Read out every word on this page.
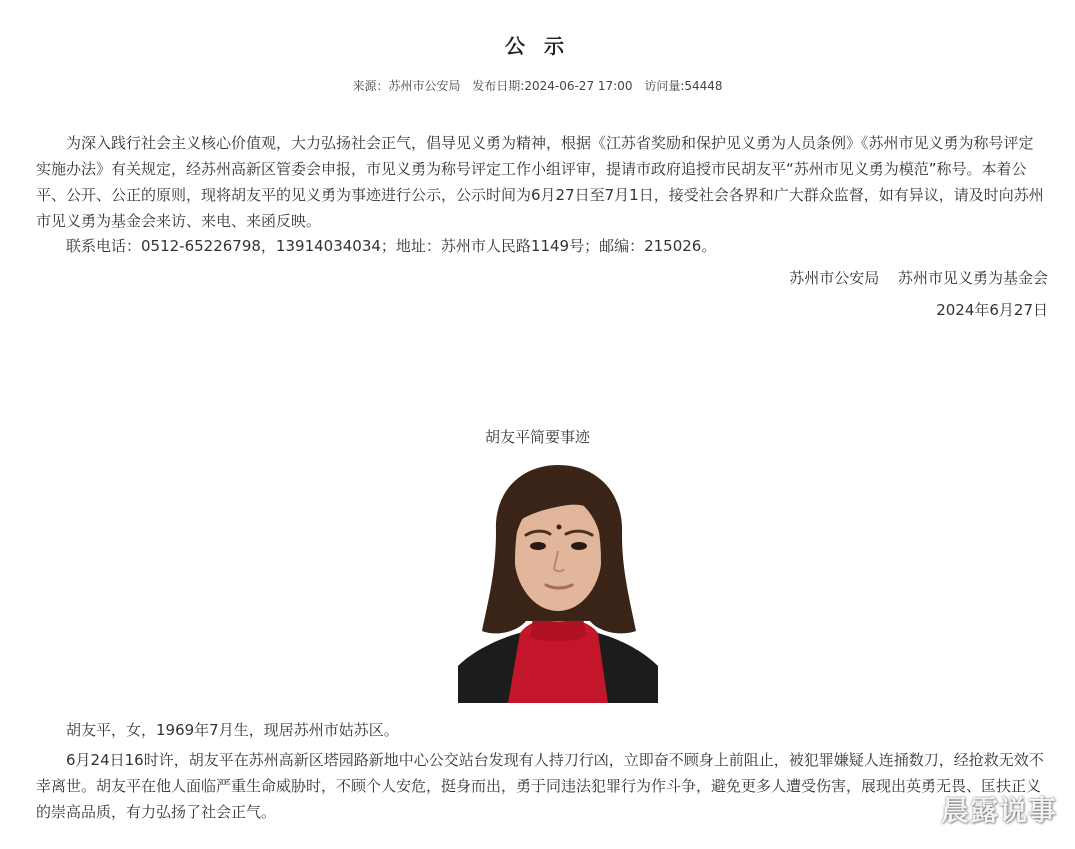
公 示
来源：苏州市公安局 发布日期:2024-06-27 17:00 访问量:54448

为深入践行社会主义核心价值观，大力弘扬社会正气，倡导见义勇为精神，根据《江苏省奖励和保护见义勇为人员条例》《苏州市见义勇为称号评定实施办法》有关规定，经苏州高新区管委会申报，市见义勇为称号评定工作小组评审，提请市政府追授市民胡友平“苏州市见义勇为模范”称号。本着公平、公开、公正的原则，现将胡友平的见义勇为事迹进行公示，公示时间为6月27日至7月1日，接受社会各界和广大群众监督，如有异议，请及时向苏州市见义勇为基金会来访、来电、来函反映。

联系电话：0512-65226798，13914034034；地址：苏州市人民路1149号；邮编：215026。

苏州市公安局 苏州市见义勇为基金会
2024年6月27日
胡友平简要事迹

胡友平，女，1969年7月生，现居苏州市姑苏区。

6月24日16时许，胡友平在苏州高新区塔园路新地中心公交站台发现有人持刀行凶，立即奋不顾身上前阻止，被犯罪嫌疑人连捅数刀，经抢救无效不幸离世。胡友平在他人面临严重生命威胁时，不顾个人安危，挺身而出，勇于同违法犯罪行为作斗争，避免更多人遭受伤害，展现出英勇无畏、匡扶正义的崇高品质，有力弘扬了社会正气。	晨露说事
